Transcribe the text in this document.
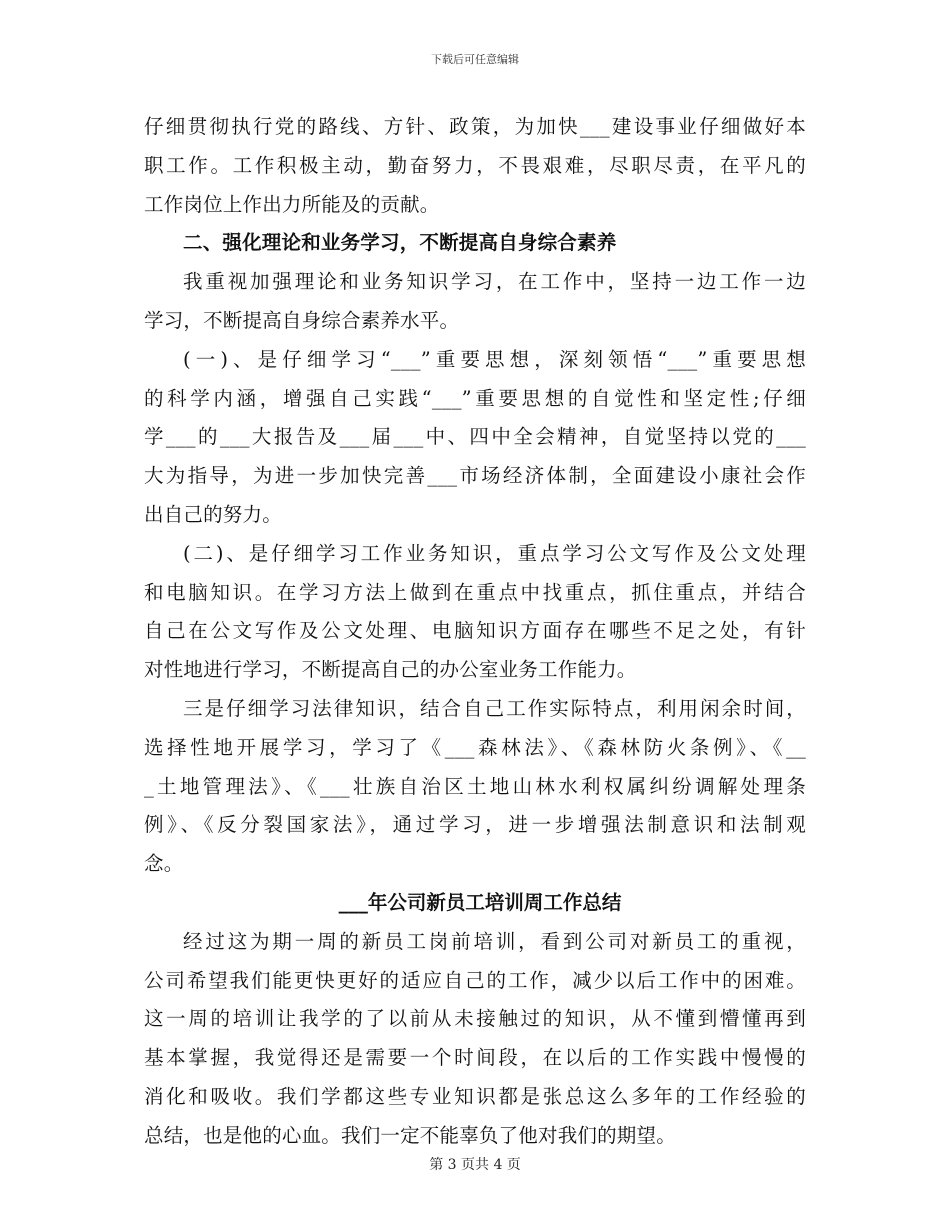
下载后可任意编辑

仔细贯彻执行党的路线、方针、政策，为加快___建设事业仔细做好本
职工作。工作积极主动，勤奋努力，不畏艰难，尽职尽责，在平凡的
工作岗位上作出力所能及的贡献。

二、强化理论和业务学习，不断提高自身综合素养

我重视加强理论和业务知识学习，在工作中，坚持一边工作一边
学习，不断提高自身综合素养水平。

(一)、是仔细学习“___”重要思想，深刻领悟“___”重要思想
的科学内涵，增强自己实践“___”重要思想的自觉性和坚定性;仔细
学___的___大报告及___届___中、四中全会精神，自觉坚持以党的___
大为指导，为进一步加快完善___市场经济体制，全面建设小康社会作
出自己的努力。

(二)、是仔细学习工作业务知识，重点学习公文写作及公文处理
和电脑知识。在学习方法上做到在重点中找重点，抓住重点，并结合
自己在公文写作及公文处理、电脑知识方面存在哪些不足之处，有针
对性地进行学习，不断提高自己的办公室业务工作能力。

三是仔细学习法律知识，结合自己工作实际特点，利用闲余时间，
选择性地开展学习，学习了《___森林法》、《森林防火条例》、《__
_土地管理法》、《___壮族自治区土地山林水利权属纠纷调解处理条
例》、《反分裂国家法》，通过学习，进一步增强法制意识和法制观
念。

___年公司新员工培训周工作总结

经过这为期一周的新员工岗前培训，看到公司对新员工的重视，
公司希望我们能更快更好的适应自己的工作，减少以后工作中的困难。
这一周的培训让我学的了以前从未接触过的知识，从不懂到懵懂再到
基本掌握，我觉得还是需要一个时间段，在以后的工作实践中慢慢的
消化和吸收。我们学都这些专业知识都是张总这么多年的工作经验的
总结，也是他的心血。我们一定不能辜负了他对我们的期望。

第 3 页共 4 页
